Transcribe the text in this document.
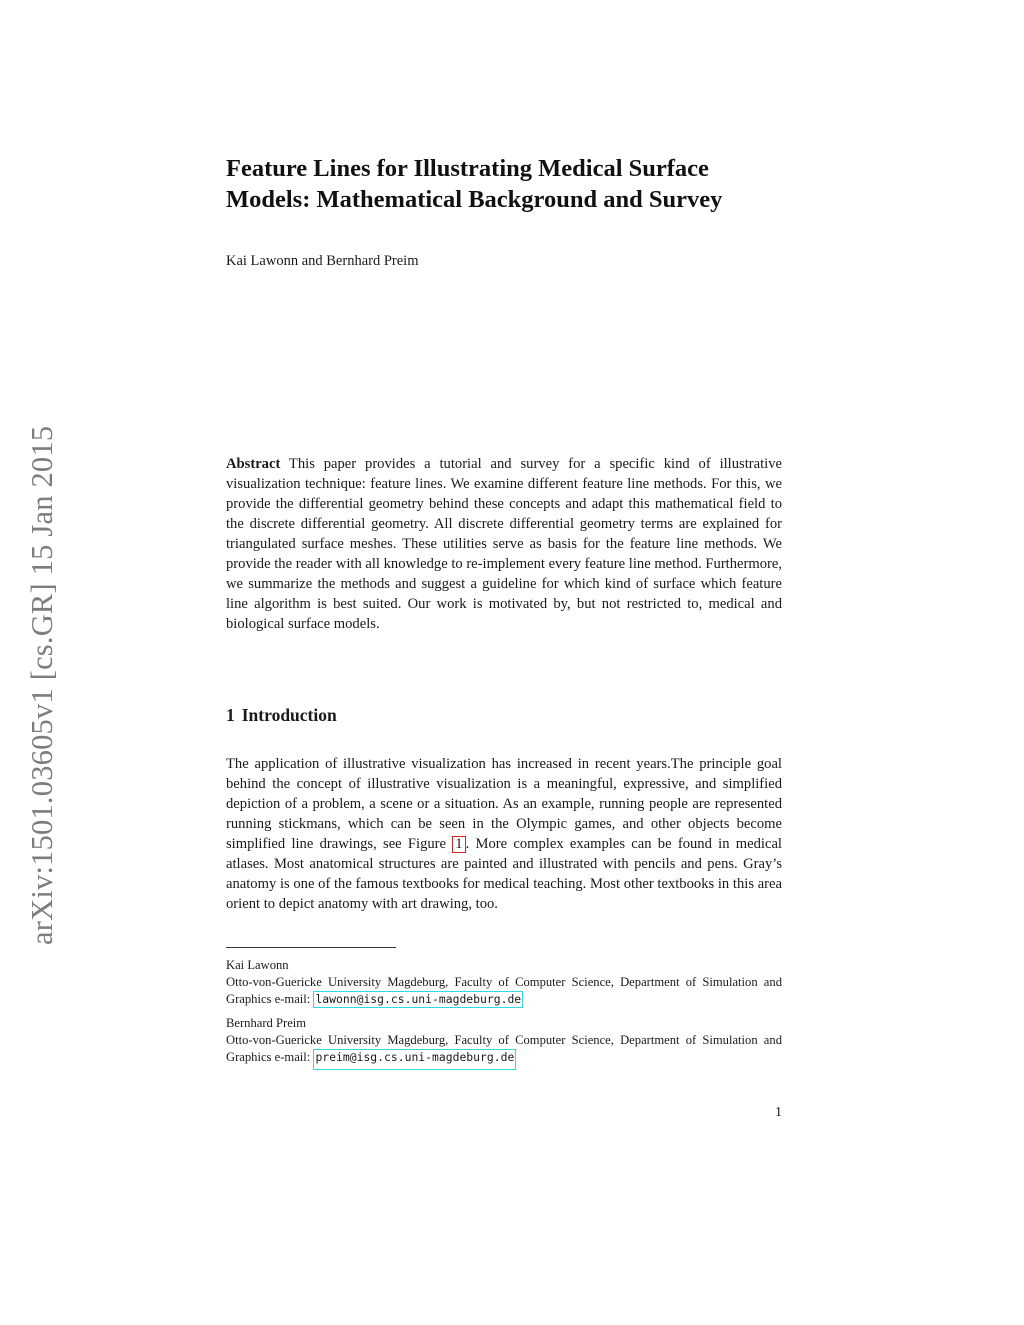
arXiv:1501.03605v1 [cs.GR] 15 Jan 2015
Feature Lines for Illustrating Medical Surface
Models: Mathematical Background and Survey
Kai Lawonn and Bernhard Preim

Abstract This paper provides a tutorial and survey for a specific kind of illustrative visualization technique: feature lines. We examine different feature line methods. For this, we provide the differential geometry behind these concepts and adapt this mathematical field to the discrete differential geometry. All discrete differential geometry terms are explained for triangulated surface meshes. These utilities serve as basis for the feature line methods. We provide the reader with all knowledge to re-implement every feature line method. Furthermore, we summarize the methods and suggest a guideline for which kind of surface which feature line algorithm is best suited. Our work is motivated by, but not restricted to, medical and biological surface models.

1 Introduction

The application of illustrative visualization has increased in recent years.The principle goal behind the concept of illustrative visualization is a meaningful, expressive, and simplified depiction of a problem, a scene or a situation. As an example, running people are represented running stickmans, which can be seen in the Olympic games, and other objects become simplified line drawings, see Figure 1 . More complex examples can be found in medical atlases. Most anatomical structures are painted and illustrated with pencils and pens. Gray’s anatomy is one of the famous textbooks for medical teaching. Most other textbooks in this area orient to depict anatomy with art drawing, too.

Kai Lawonn
Otto-von-Guericke University Magdeburg, Faculty of Computer Science, Department of Simulation and Graphics e-mail: lawonn@isg.cs.uni-magdeburg.de
Bernhard Preim
Otto-von-Guericke University Magdeburg, Faculty of Computer Science, Department of Simulation and Graphics e-mail: preim@isg.cs.uni-magdeburg.de
1
